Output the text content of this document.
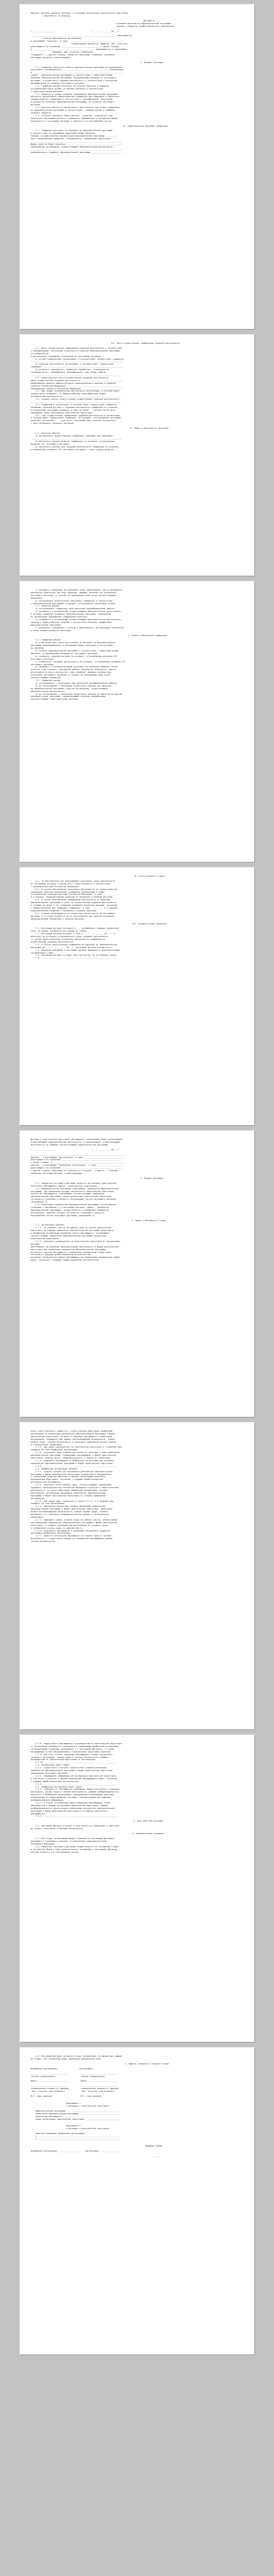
Образец. Договор целевого обучения с условиями организации практической подготовки
(заполняется по образцу)
ДОГОВОР № ____
о целевом обучении по образовательной программе
высшего (среднего) профессионального образования
г. __________________                              "___" __________ 20__ г.
_______________________________________________________________________, именуемый(ая)
(полное наименование организации)
в дальнейшем "Заказчик", в лице ____________________________________________,
(наименование должности, фамилия, имя, отчество)
действующего на основании _______________________________, с одной стороны,
и ___________________________________________________, именуемый(ая) в дальнейшем
(фамилия, имя, отчество гражданина)
"Гражданин", с другой стороны, совместно именуемые сторонами, заключили
настоящий договор о нижеследующем:
I. Предмет договора
1.1. Гражданин обязуется освоить образовательную программу по направлению
подготовки (специальности) ______________________________________, реализуемую
в ____________________________________________________________________________
(далее - образовательная программа) в соответствии с характеристиками
освоения образовательной программы, определенными разделом II настоящего
договора, и осуществить трудовую деятельность в соответствии с полученной
квалификацией на условиях настоящего договора.
1.2. Гражданин вправе поступить на целевое обучение в пределах
установленной квоты приема на целевое обучение в соответствии
с характеристиками обучения.
1.3. Заказчик в период освоения гражданином образовательной программы
обязуется организовать предоставление гражданину мер поддержки и обеспечить
трудоустройство гражданина в соответствии с квалификацией, полученной
в результате освоения образовательной программы, на условиях настоящего
договора.
1.4. Заказчик обязуется организовать практическую подготовку гражданина
по образовательной программе в соответствии с учебным планом и графиком
учебного процесса.
1.5. Согласие законного представителя - родителя, усыновителя или
попечителя несовершеннолетнего гражданина, оформленное в письменной форме,
прилагается к настоящему договору и является его неотъемлемой частью.
II. Характеристики обучения гражданина
2.1. Гражданин поступает на обучение по образовательной программе
в соответствии со следующими характеристиками обучения:
наличие государственной аккредитации образовательной программы: ________;
код и наименование профессии, специальности, направления подготовки:
____________________________________________________________________________;
форма (одна из форм) обучения: ____________________________________________;
наименование организации, осуществляющей образовательную деятельность:
____________________________________________________________________________;
направленность (профиль) образовательной программы: ________________________.
III. Место осуществления гражданином трудовой деятельности
3.1. Место осуществления гражданином трудовой деятельности в соответствии
с квалификацией, полученной в результате освоения образовательной программы,
устанавливается:
в организации, являющейся заказчиком по настоящему договору;
а) полное наименование организации, в которую будет трудоустроен гражданин:
____________________________________________________________________________;
б) характер деятельности организации, в которую будет трудоустроен
гражданин: __________________________________________________________________;
в) должность (должности), профессия (профессии), специальность,
(специальности), квалификация (квалификации), вид (виды) работы:
____________________________________________________________________________.
3.2. Характеристика места осуществления трудовой деятельности:
адрес осуществления трудовой деятельности: _________________________________;
наименование объекта административно-территориального деления в пределах
субъекта Российской Федерации: ______________________________________________;
наименование субъекта Российской Федерации: ________________________________.
3.3. Вид (виды) экономической деятельности организации, в которую будет
трудоустроен гражданин, по Общероссийскому классификатору видов
экономической деятельности: ________________________________________________.
3.4. Условия оплаты труда в период осуществления трудовой деятельности:
____________________________________________________________________________.
3.5. Гражданин и организация, в которую будет трудоустроен гражданин,
заключают трудовой договор о трудовой деятельности гражданина на условиях,
установленных настоящим разделом, в срок не более __ месяцев после даты
завершения срока прохождения практической подготовки.
3.6. Срок осуществления гражданином трудовой деятельности в организации,
в которую будет трудоустроен гражданин, на условиях, установленных настоящим
разделом, составляет ___ года (лет). Указанный срок начинает исчисляться
с даты заключения трудового договора.
IV. Права и обязанности заказчика
4.1. Заказчик обязан:
а) организовать предоставление гражданину следующих мер поддержки:
____________________________________________________________________________;
б) обеспечить трудоустройство гражданина на условиях, установленных
разделом III настоящего договора;
в) обеспечить условия для трудовой деятельности гражданина на условиях,
установленных разделом III настоящего договора, с даты трудоустройства.
г) уведомить гражданина об изменении своих наименования, места нахождения,
банковских реквизитов или иных сведений, имеющих значение для исполнения
настоящего договора, в течение 10 календарных дней после соответствующих
изменений;
д) организовать практическую подготовку гражданина в соответствии
с образовательной программой в порядке, установленном локальными актами.
4.2. Заказчик вправе:
а) согласовывать гражданину тему выпускной квалификационной работы;
б) направлять в организацию, осуществляющую образовательную деятельность,
в которой гражданин осваивает образовательную программу, предложения
по организации прохождения гражданином практики;
в) направлять в организацию, осуществляющую образовательную деятельность,
запросы о предоставлении сведений о результатах освоения гражданином
образовательной программы;
г) привлекать гражданина к участию в мероприятиях, организуемых заказчиком,
в целях профессиональной адаптации.
V. Права и обязанности гражданина
5.1. Гражданин обязан:
а) в месячный срок после поступления на обучение по образовательной
программе проинформировать в письменной форме заказчика о поступлении
на обучение;
б) освоить образовательную программу в соответствии с характеристиками
обучения, установленными разделом II настоящего договора;
в) заключить трудовой договор на условиях, установленных разделом III
настоящего договора;
г) осуществить трудовую деятельность на условиях, установленных разделом III
настоящего договора;
д) уведомить в письменной форме заказчика об изменении фамилии, имени,
отчества (при наличии), паспортных данных, банковских реквизитов, адреса
регистрации по месту жительства, иных сведений, имеющих значение для
исполнения настоящего договора, в течение 10 календарных дней после
соответствующих изменений.
5.2. Гражданин вправе:
а) согласовывать с заказчиком тему выпускной квалификационной работы;
б) по согласованию с заказчиком осуществить перевод для обучения
по образовательной программе в другую организацию, осуществляющую
образовательную деятельность;
в) по согласованию с заказчиком осуществить перевод на обучение по другой
образовательной программе, предполагающей освоение квалификации,
соответствующей характеристикам обучения.
VI. Ответственность сторон
6.1. За неисполнение или ненадлежащее исполнение своих обязательств
по настоящему договору стороны несут ответственность в соответствии
с законодательством Российской Федерации.
6.2. В случае неисполнения заказчиком обязательств по трудоустройству
гражданина заказчик выплачивает гражданину компенсацию в сумме,
установленной законодательством Российской Федерации, в срок ___________
и в порядке, предусмотренном разделом IV Положения о целевом обучении.
6.3. В случае неисполнения гражданином обязательств по освоению
образовательной программы и (или) по осуществлению трудовой деятельности
в течение не менее 3 лет гражданин возмещает заказчику расходы, связанные
с предоставлением мер поддержки гражданину, в срок __________ и в порядке,
предусмотренном разделом V Положения о целевом обучении.
6.4. Стороны освобождаются от исполнения обязательств по настоящему
договору и от ответственности за их неисполнение при наличии оснований,
предусмотренных Положением о целевом обучении.
VII. Заключительные положения
7.1. Настоящий договор составлен в ___ экземплярах, имеющих одинаковую
силу, по одному экземпляру для каждой из сторон.
7.2. Настоящий договор вступает в силу с "___" __________ 20__ г. и
действует до истечения установленного срока трудовой деятельности
(с учетом приостановления исполнения обязательств гражданина по
осуществлению трудовой деятельности).
7.3. В случае непоступления гражданина на обучение по образовательной
программе до "___" __________ 20__ г. настоящий договор расторгается.
7.4. Внесение изменений в настоящий договор оформляется дополнительными
соглашениями к нему.
7.5. Настоящий договор не может быть расторгнут по соглашению сторон.
7.6. _______________________________________________________________.
Договор о практической подготовке обучающихся, заключаемый между организацией,
осуществляющей образовательную деятельность, и организацией, осуществляющей
деятельность по профилю соответствующей образовательной программы
г. __________________                              "___" __________ 20__ г.
_______________________________________________________________________________
именуем__ в дальнейшем "Организация", в лице ________________________________,
действующего на основании __________________________________________________,
с одной стороны, и ___________________________________________________________,
именуем__ в дальнейшем "Профильная организация", в лице _______________________,
действующего на основании __________________________________________________,
с другой стороны, именуемые по отдельности "Сторона", а вместе - "Стороны",
заключили настоящий Договор о нижеследующем.
1. Предмет Договора
1.1. Предметом настоящего Договора является организация практической
подготовки обучающихся (далее - практическая подготовка).
1.2. Образовательная программа (программы), компоненты образовательной
программы, при реализации которых организуется практическая подготовка,
количество обучающихся, осваивающих соответствующие компоненты
образовательной программы, сроки организации практической подготовки,
согласуются Сторонами и являются неотъемлемой частью настоящего Договора
(приложение 1).
1.3. Реализация компонентов образовательной программы, согласованных
Сторонами в приложении 1 к настоящему Договору (далее - компоненты
образовательной программы), осуществляется в помещениях Профильной
организации, перечень которых согласуется Сторонами и является
неотъемлемой частью настоящего Договора (приложение 2).
2. Права и обязанности Сторон
2.1. Организация обязана:
2.1.1. не позднее, чем за 10 рабочих дней до начала практической
подготовки по каждому компоненту образовательной программы представить
в Профильную организацию поименные списки обучающихся, осваивающих
соответствующие компоненты образовательной программы посредством
практической подготовки;
2.1.2. назначить руководителя по практической подготовке от Организации,
который:
обеспечивает организацию образовательной деятельности в форме практической
подготовки при реализации компонентов образовательной программы;
организует участие обучающихся в выполнении определенных видов работ,
связанных с будущей профессиональной деятельностью;
оказывает методическую помощь обучающимся при выполнении определенных видов
работ, связанных с будущей профессиональной деятельностью;
несет ответственность совместно с ответственным работником Профильной
организации за реализацию компонентов образовательной программы в форме
практической подготовки, за жизнь и здоровье обучающихся и работников
Организации, соблюдение ими правил противопожарной безопасности, правил
охраны труда, техники безопасности и санитарно-эпидемиологических правил
и гигиенических нормативов;
2.1.3. при смене руководителя по практической подготовке в 3-дневный срок
сообщить об этом Профильной организации;
2.1.4. установить виды учебной деятельности, практики и иные компоненты
образовательной программы, осваиваемые обучающимися в форме практической
подготовки, включая место, продолжительность и период их реализации;
2.1.5. направить обучающихся в Профильную организацию для освоения
компонентов образовательной программы в форме практической подготовки;
2.1.6. ______________________________________________________________.
2.2. Профильная организация обязана:
2.2.1. создать условия для реализации компонентов образовательной
программы в форме практической подготовки, предоставить оборудование
и технические средства обучения в объеме, позволяющем выполнять
определенные виды работ, связанные с будущей профессиональной
деятельностью обучающихся;
2.2.2. назначить ответственное лицо, соответствующее требованиям
трудового законодательства Российской Федерации о допуске к педагогической
деятельности, из числа работников Профильной организации, которое
обеспечивает организацию реализации компонентов образовательной
программы в форме практической подготовки со стороны Профильной
организации;
2.2.3. при смене лица, указанного в пункте 2.2.2, в 3-дневный срок
сообщить об этом Организации;
2.2.4. обеспечить безопасные условия реализации компонентов
образовательной программы в форме практической подготовки, выполнение
правил противопожарной безопасности, правил охраны труда, техники
безопасности и санитарно-эпидемиологических правил и гигиенических
нормативов;
2.2.5. проводить оценку условий труда на рабочих местах, используемых
при реализации компонентов образовательной программы в форме практической
подготовки, и сообщать руководителю Организации об условиях труда
и требованиях охраны труда на рабочем месте;
2.2.6. ознакомить обучающихся с правилами внутреннего трудового
распорядка Профильной организации;
2.2.7. провести инструктаж обучающихся по охране труда и технике
безопасности и осуществлять надзор за соблюдением обучающимися правил
техники безопасности;
2.2.8. предоставить обучающимся и руководителю по практической подготовке
от Организации возможность пользоваться помещениями Профильной организации,
согласованными Сторонами (приложение 2 к настоящему Договору), а также
находящимися в них оборудованием и техническими средствами обучения;
2.2.9. обо всех случаях нарушения обучающимися правил внутреннего
трудового распорядка, охраны труда и техники безопасности сообщить
руководителю по практической подготовке от Организации;
2.2.10. ____________________________________________________________.
2.3. Организация имеет право:
2.3.1. осуществлять контроль соответствия условий реализации
компонентов образовательной программы в форме практической подготовки
требованиям настоящего Договора;
2.3.2. запрашивать информацию об организации практической подготовки,
в том числе о качестве и объеме выполненных обучающимися работ, связанных
с будущей профессиональной деятельностью;
2.3.3. ______________________________________________________________.
2.4. Профильная организация имеет право:
2.4.1. требовать от обучающихся соблюдения правил внутреннего трудового
распорядка, охраны труда и техники безопасности, режима конфиденциальности,
принятого в Профильной организации, предпринимать необходимые действия,
направленные на предотвращение ситуации, способствующей разглашению
конфиденциальной информации;
2.4.2. в случае установления факта нарушения обучающимися своих
обязанностей в период организации практической подготовки, режима
конфиденциальности приостановить реализацию компонентов образовательной
программы в форме практической подготовки в отношении конкретного
обучающегося;
2.4.3. ______________________________________________________________.
3. Срок действия договора
3.1. Настоящий Договор вступает в силу после его подписания и действует
до полного исполнения Сторонами обязательств.
4. Заключительные положения
4.1. Все споры, возникающие между Сторонами по настоящему Договору,
разрешаются Сторонами в порядке, установленном законодательством
Российской Федерации.
4.2. Изменение настоящего Договора осуществляется по соглашению Сторон
в письменной форме в виде дополнительных соглашений к настоящему Договору,
которые являются его неотъемлемой частью.
4.3. Настоящий Договор составлен в двух экземплярах, по одному для каждой
из Сторон. Все экземпляры имеют одинаковую юридическую силу.
5. Адреса, реквизиты и подписи Сторон
Профильная организация:                  Организация:
_______________________________           _______________________________
(полное наименование)                     (полное наименование)
Адрес: ________________________           Адрес: ________________________
_______________________________           _______________________________
(наименование должности, фамилия,         (наименование должности, фамилия,
имя, отчество (при наличии))              имя, отчество (при наличии))
М.П. (при наличии)                        М.П. (при наличии)
Приложение 1
к Договору о практической подготовке
Образовательная программа: ____________________________________________
Компоненты образовательной программы: _________________________________
Количество обучающихся: ____________
Сроки организации практической подготовки: ____________________________
Приложение 2
к Договору о практической подготовке
Перечень помещений Профильной организации:
1. ____________________________________________________________________
2. ____________________________________________________________________
ПОДПИСИ СТОРОН
Профильная организация: _________________     Организация: _________________
______
